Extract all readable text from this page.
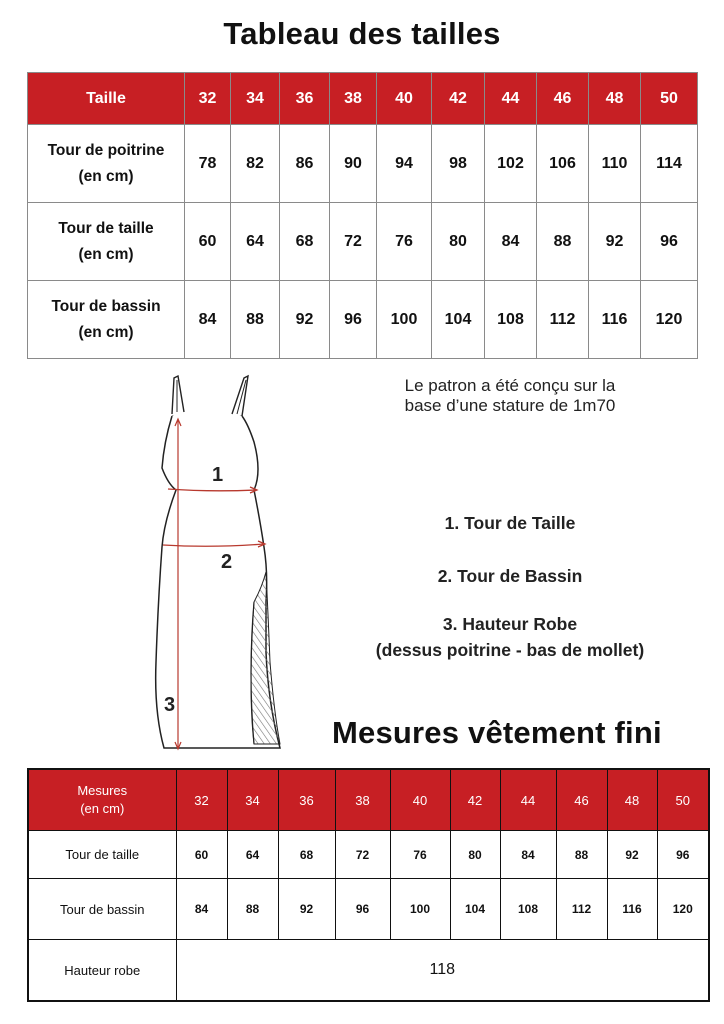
Tableau des tailles
Taille	32	34	36	38	40	42	44	46	48	50
Tour de poitrine
(en cm)	78	82	86	90	94	98	102	106	110	114
Tour de taille
(en cm)	60	64	68	72	76	80	84	88	92	96
Tour de bassin
(en cm)	84	88	92	96	100	104	108	112	116	120
1
2
3
Le patron a été conçu sur la
base d’une stature de 1m70
1. Tour de Taille
2. Tour de Bassin
3. Hauteur Robe
(dessus poitrine - bas de mollet)
Mesures vêtement fini
Mesures
(en cm)	32	34	36	38	40	42	44	46	48	50
Tour de taille	60	64	68	72	76	80	84	88	92	96
Tour de bassin	84	88	92	96	100	104	108	112	116	120
Hauteur robe	118									
